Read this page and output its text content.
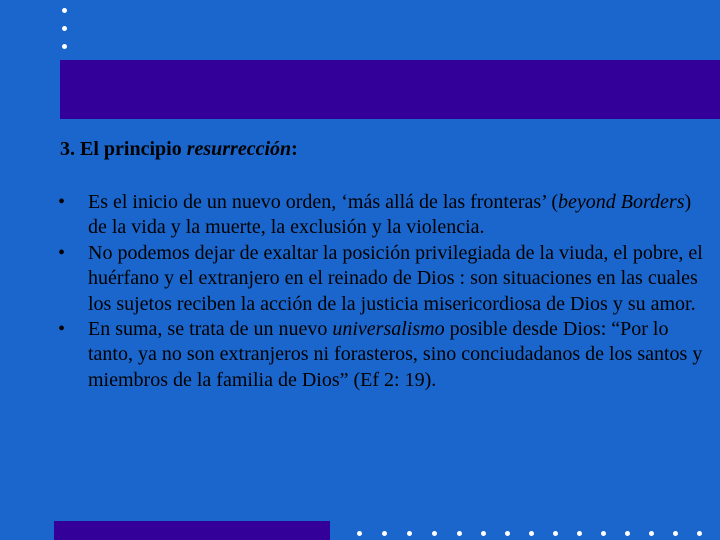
3. El principio resurrección:
• Es el inicio de un nuevo orden, ‘más allá de las fronteras’ (beyond Borders) de la vida y la muerte, la exclusión y la violencia.
• No podemos dejar de exaltar la posición privilegiada de la viuda, el pobre, el huérfano y el extranjero en el reinado de Dios : son situaciones en las cuales los sujetos reciben la acción de la justicia misericordiosa de Dios y su amor.
• En suma, se trata de un nuevo universalismo posible desde Dios: “Por lo tanto, ya no son extranjeros ni forasteros, sino conciudadanos de los santos y miembros de la familia de Dios” (Ef 2: 19).
